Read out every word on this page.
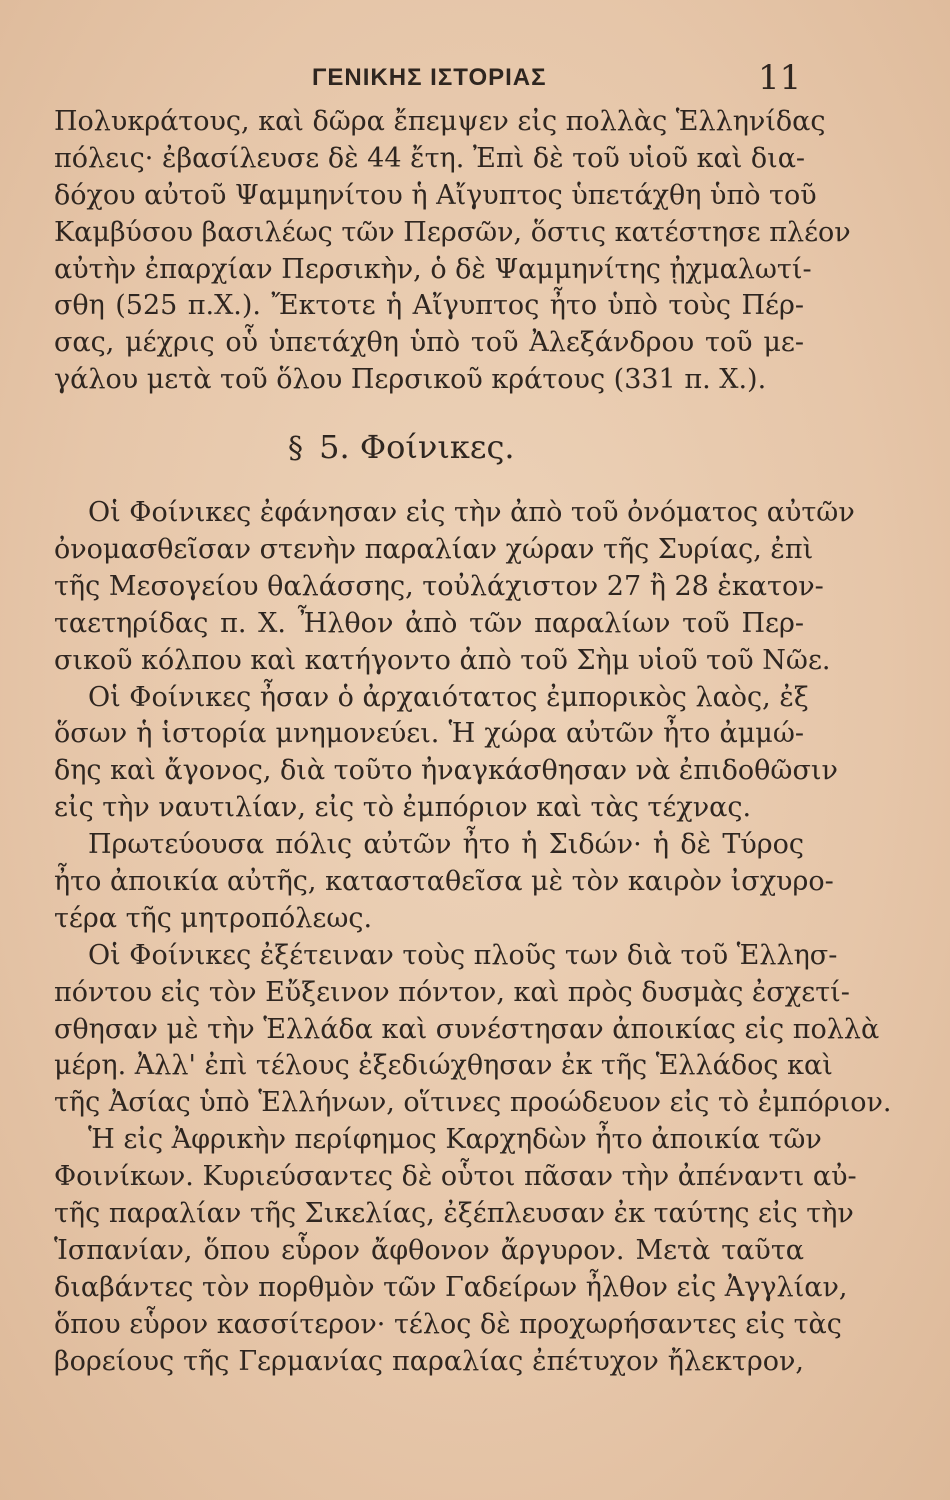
ΓΕΝΙΚΗΣ ΙΣΤΟΡΙΑΣ	11
Πολυκράτους, καὶ δῶρα ἔπεμψεν εἰς πολλὰς Ἑλληνίδας
πόλεις· ἐβασίλευσε δὲ 44 ἔτη. Ἐπὶ δὲ τοῦ υἱοῦ καὶ δια-
δόχου αὐτοῦ Ψαμμηνίτου ἡ Αἴγυπτος ὑπετάχθη ὑπὸ τοῦ
Καμβύσου βασιλέως τῶν Περσῶν, ὅστις κατέστησε πλέον
αὐτὴν ἐπαρχίαν Περσικὴν, ὁ δὲ Ψαμμηνίτης ᾐχμαλωτί-
σθη (525 π.Χ.). Ἔκτοτε ἡ Αἴγυπτος ἦτο ὑπὸ τοὺς Πέρ-
σας, μέχρις οὗ ὑπετάχθη ὑπὸ τοῦ Ἀλεξάνδρου τοῦ με-
γάλου μετὰ τοῦ ὅλου Περσικοῦ κράτους (331 π. Χ.).
§ 5. Φοίνικες.
Οἱ Φοίνικες ἐφάνησαν εἰς τὴν ἀπὸ τοῦ ὀνόματος αὐτῶν
ὀνομασθεῖσαν στενὴν παραλίαν χώραν τῆς Συρίας, ἐπὶ
τῆς Μεσογείου θαλάσσης, τοὐλάχιστον 27 ἢ 28 ἑκατον-
ταετηρίδας π. Χ. Ἦλθον ἀπὸ τῶν παραλίων τοῦ Περ-
σικοῦ κόλπου καὶ κατήγοντο ἀπὸ τοῦ Σὴμ υἱοῦ τοῦ Νῶε.
Οἱ Φοίνικες ἦσαν ὁ ἀρχαιότατος ἐμπορικὸς λαὸς, ἐξ
ὅσων ἡ ἱστορία μνημονεύει. Ἡ χώρα αὐτῶν ἦτο ἀμμώ-
δης καὶ ἄγονος, διὰ τοῦτο ἠναγκάσθησαν νὰ ἐπιδοθῶσιν
εἰς τὴν ναυτιλίαν, εἰς τὸ ἐμπόριον καὶ τὰς τέχνας.
Πρωτεύουσα πόλις αὐτῶν ἦτο ἡ Σιδών· ἡ δὲ Τύρος
ἦτο ἀποικία αὐτῆς, κατασταθεῖσα μὲ τὸν καιρὸν ἰσχυρο-
τέρα τῆς μητροπόλεως.
Οἱ Φοίνικες ἐξέτειναν τοὺς πλοῦς των διὰ τοῦ Ἑλλησ-
πόντου εἰς τὸν Εὔξεινον πόντον, καὶ πρὸς δυσμὰς ἐσχετί-
σθησαν μὲ τὴν Ἑλλάδα καὶ συνέστησαν ἀποικίας εἰς πολλὰ
μέρη. Ἀλλ' ἐπὶ τέλους ἐξεδιώχθησαν ἐκ τῆς Ἑλλάδος καὶ
τῆς Ἀσίας ὑπὸ Ἑλλήνων, οἵτινες προώδευον εἰς τὸ ἐμπόριον.
Ἡ εἰς Ἀφρικὴν περίφημος Καρχηδὼν ἦτο ἀποικία τῶν
Φοινίκων. Κυριεύσαντες δὲ οὗτοι πᾶσαν τὴν ἀπέναντι αὐ-
τῆς παραλίαν τῆς Σικελίας, ἐξέπλευσαν ἐκ ταύτης εἰς τὴν
Ἱσπανίαν, ὅπου εὗρον ἄφθονον ἄργυρον. Μετὰ ταῦτα
διαβάντες τὸν πορθμὸν τῶν Γαδείρων ἦλθον εἰς Ἀγγλίαν,
ὅπου εὗρον κασσίτερον· τέλος δὲ προχωρήσαντες εἰς τὰς
βορείους τῆς Γερμανίας παραλίας ἐπέτυχον ἤλεκτρον,
